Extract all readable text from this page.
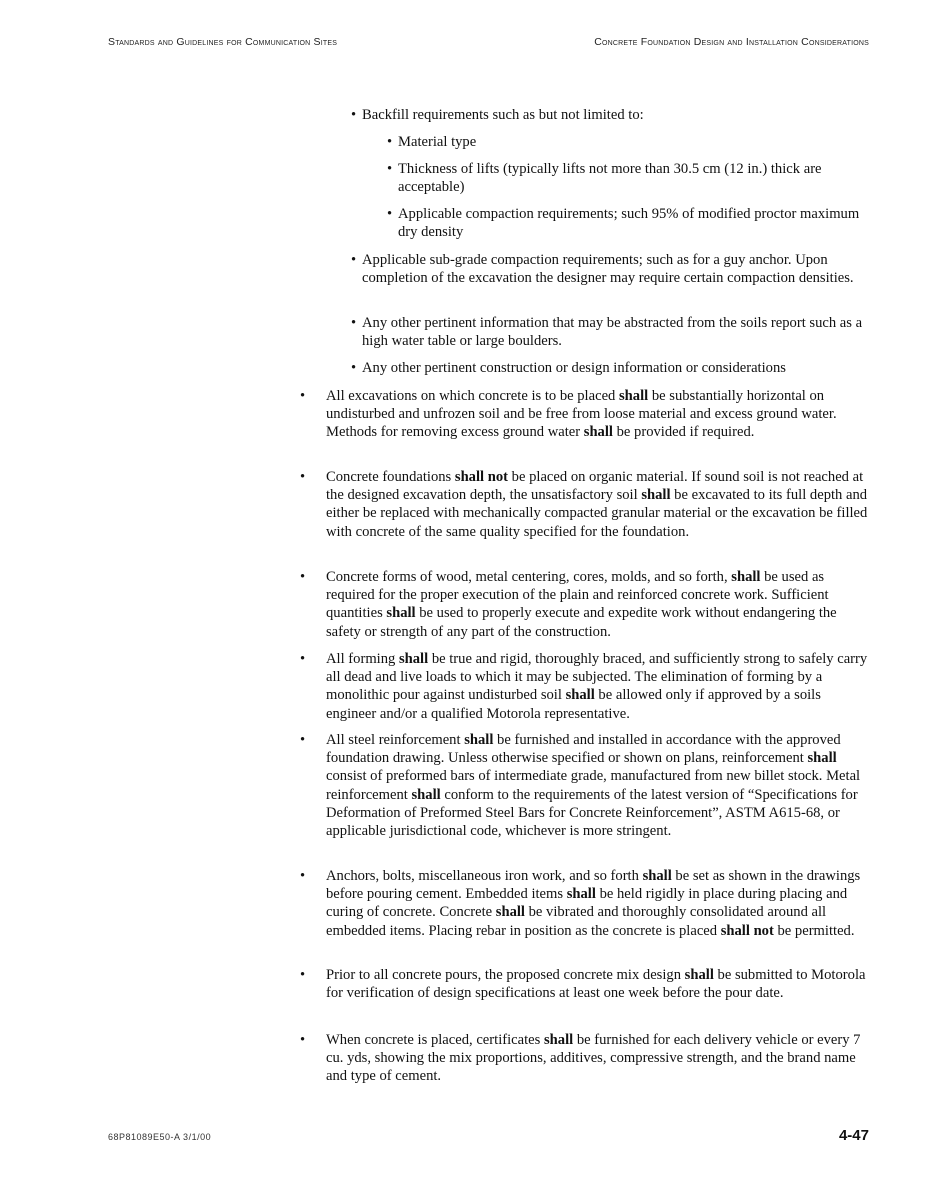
Standards and Guidelines for Communication Sites	Concrete Foundation Design and Installation Considerations
• Backfill requirements such as but not limited to:
• Material type
• Thickness of lifts (typically lifts not more than 30.5 cm (12 in.) thick are acceptable)
• Applicable compaction requirements; such 95% of modified proctor maximum dry density
• Applicable sub-grade compaction requirements; such as for a guy anchor. Upon completion of the excavation the designer may require certain compaction densities.
• Any other pertinent information that may be abstracted from the soils report such as a high water table or large boulders.
• Any other pertinent construction or design information or considerations
• All excavations on which concrete is to be placed shall be substantially horizontal on undisturbed and unfrozen soil and be free from loose material and excess ground water. Methods for removing excess ground water shall be provided if required.
• Concrete foundations shall not be placed on organic material. If sound soil is not reached at the designed excavation depth, the unsatisfactory soil shall be excavated to its full depth and either be replaced with mechanically compacted granular material or the excavation be filled with concrete of the same quality specified for the foundation.
• Concrete forms of wood, metal centering, cores, molds, and so forth, shall be used as required for the proper execution of the plain and reinforced concrete work. Sufficient quantities shall be used to properly execute and expedite work without endangering the safety or strength of any part of the construction.
• All forming shall be true and rigid, thoroughly braced, and sufficiently strong to safely carry all dead and live loads to which it may be subjected. The elimination of forming by a monolithic pour against undisturbed soil shall be allowed only if approved by a soils engineer and/or a qualified Motorola representative.
• All steel reinforcement shall be furnished and installed in accordance with the approved foundation drawing. Unless otherwise specified or shown on plans, reinforcement shall consist of preformed bars of intermediate grade, manufactured from new billet stock. Metal reinforcement shall conform to the requirements of the latest version of “Specifications for Deformation of Preformed Steel Bars for Concrete Reinforcement”, ASTM A615-68, or applicable jurisdictional code, whichever is more stringent.
• Anchors, bolts, miscellaneous iron work, and so forth shall be set as shown in the drawings before pouring cement. Embedded items shall be held rigidly in place during placing and curing of concrete. Concrete shall be vibrated and thoroughly consolidated around all embedded items. Placing rebar in position as the concrete is placed shall not be permitted.
• Prior to all concrete pours, the proposed concrete mix design shall be submitted to Motorola for verification of design specifications at least one week before the pour date.
• When concrete is placed, certificates shall be furnished for each delivery vehicle or every 7 cu. yds, showing the mix proportions, additives, compressive strength, and the brand name and type of cement.
68P81089E50-A 3/1/00	4-47
